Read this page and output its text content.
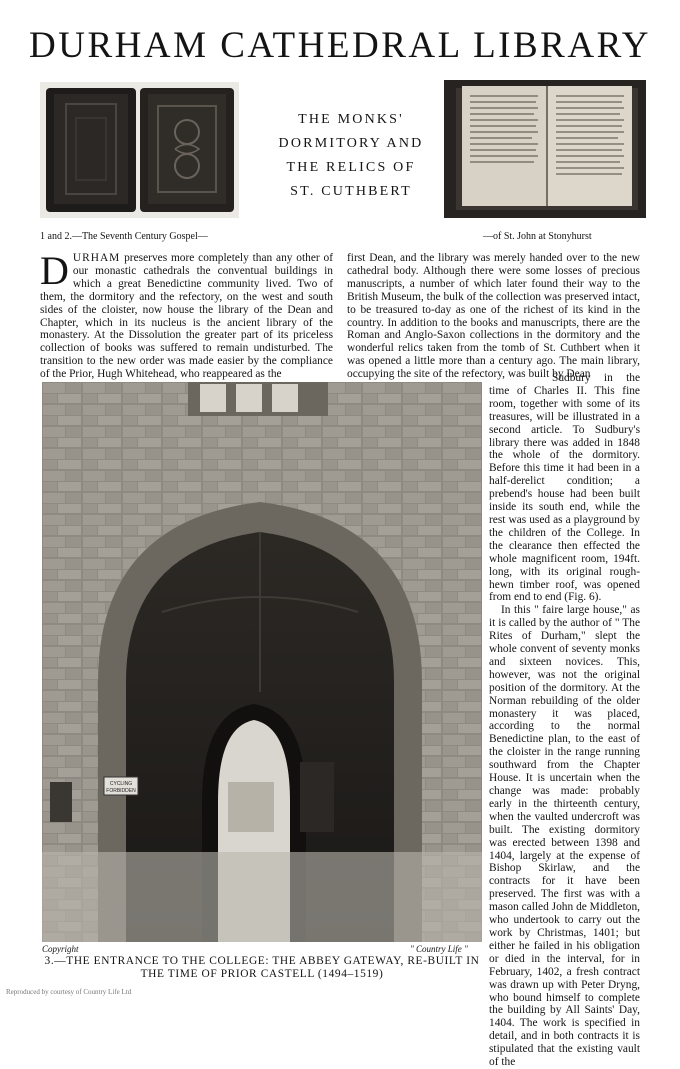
DURHAM CATHEDRAL LIBRARY
THE MONKS'
DORMITORY AND
THE RELICS OF
ST. CUTHBERT
1 and 2.—The Seventh Century Gospel—	—of St. John at Stonyhurst
DURHAM preserves more completely than any other of our monastic cathedrals the conventual buildings in which a great Benedictine community lived. Two of them, the dormitory and the refectory, on the west and south sides of the cloister, now house the library of the Dean and Chapter, which in its nucleus is the ancient library of the monastery. At the Dissolution the greater part of its priceless collection of books was suffered to remain undisturbed. The transition to the new order was made easier by the compliance of the Prior, Hugh Whitehead, who reappeared as the
first Dean, and the library was merely handed over to the new cathedral body. Although there were some losses of precious manuscripts, a number of which later found their way to the British Museum, the bulk of the collection was preserved intact, to be treasured to-day as one of the richest of its kind in the country. In addition to the books and manuscripts, there are the Roman and Anglo-Saxon collections in the dormitory and the wonderful relics taken from the tomb of St. Cuthbert when it was opened a little more than a century ago. The main library, occupying the site of the refectory, was built by Dean
CYCLING
FORBIDDEN
Sudbury in the time of Charles II. This fine room, together with some of its treasures, will be illustrated in a second article. To Sudbury's library there was added in 1848 the whole of the dormitory. Before this time it had been in a half-derelict condition; a prebend's house had been built inside its south end, while the rest was used as a playground by the children of the College. In the clearance then effected the whole magnificent room, 194ft. long, with its original rough-hewn timber roof, was opened from end to end (Fig. 6).
In this " faire large house," as it is called by the author of " The Rites of Durham," slept the whole convent of seventy monks and sixteen novices. This, however, was not the original position of the dormitory. At the Norman rebuilding of the older monastery it was placed, according to the normal Benedictine plan, to the east of the cloister in the range running southward from the Chapter House. It is uncertain when the change was made: probably early in the thirteenth century, when the vaulted undercroft was built. The existing dormitory was erected between 1398 and 1404, largely at the expense of Bishop Skirlaw, and the contracts for it have been preserved. The first was with a mason called John de Middleton, who undertook to carry out the work by Christmas, 1401; but either he failed in his obligation or died in the interval, for in February, 1402, a fresh contract was drawn up with Peter Dryng, who bound himself to complete the building by All Saints' Day, 1404. The work is specified in detail, and in both contracts it is stipulated that the existing vault of the
Copyright	" Country Life "
3.—THE ENTRANCE TO THE COLLEGE: THE ABBEY GATEWAY, RE-BUILT IN THE TIME OF PRIOR CASTELL (1494–1519)
Reproduced by courtesy of Country Life Ltd
